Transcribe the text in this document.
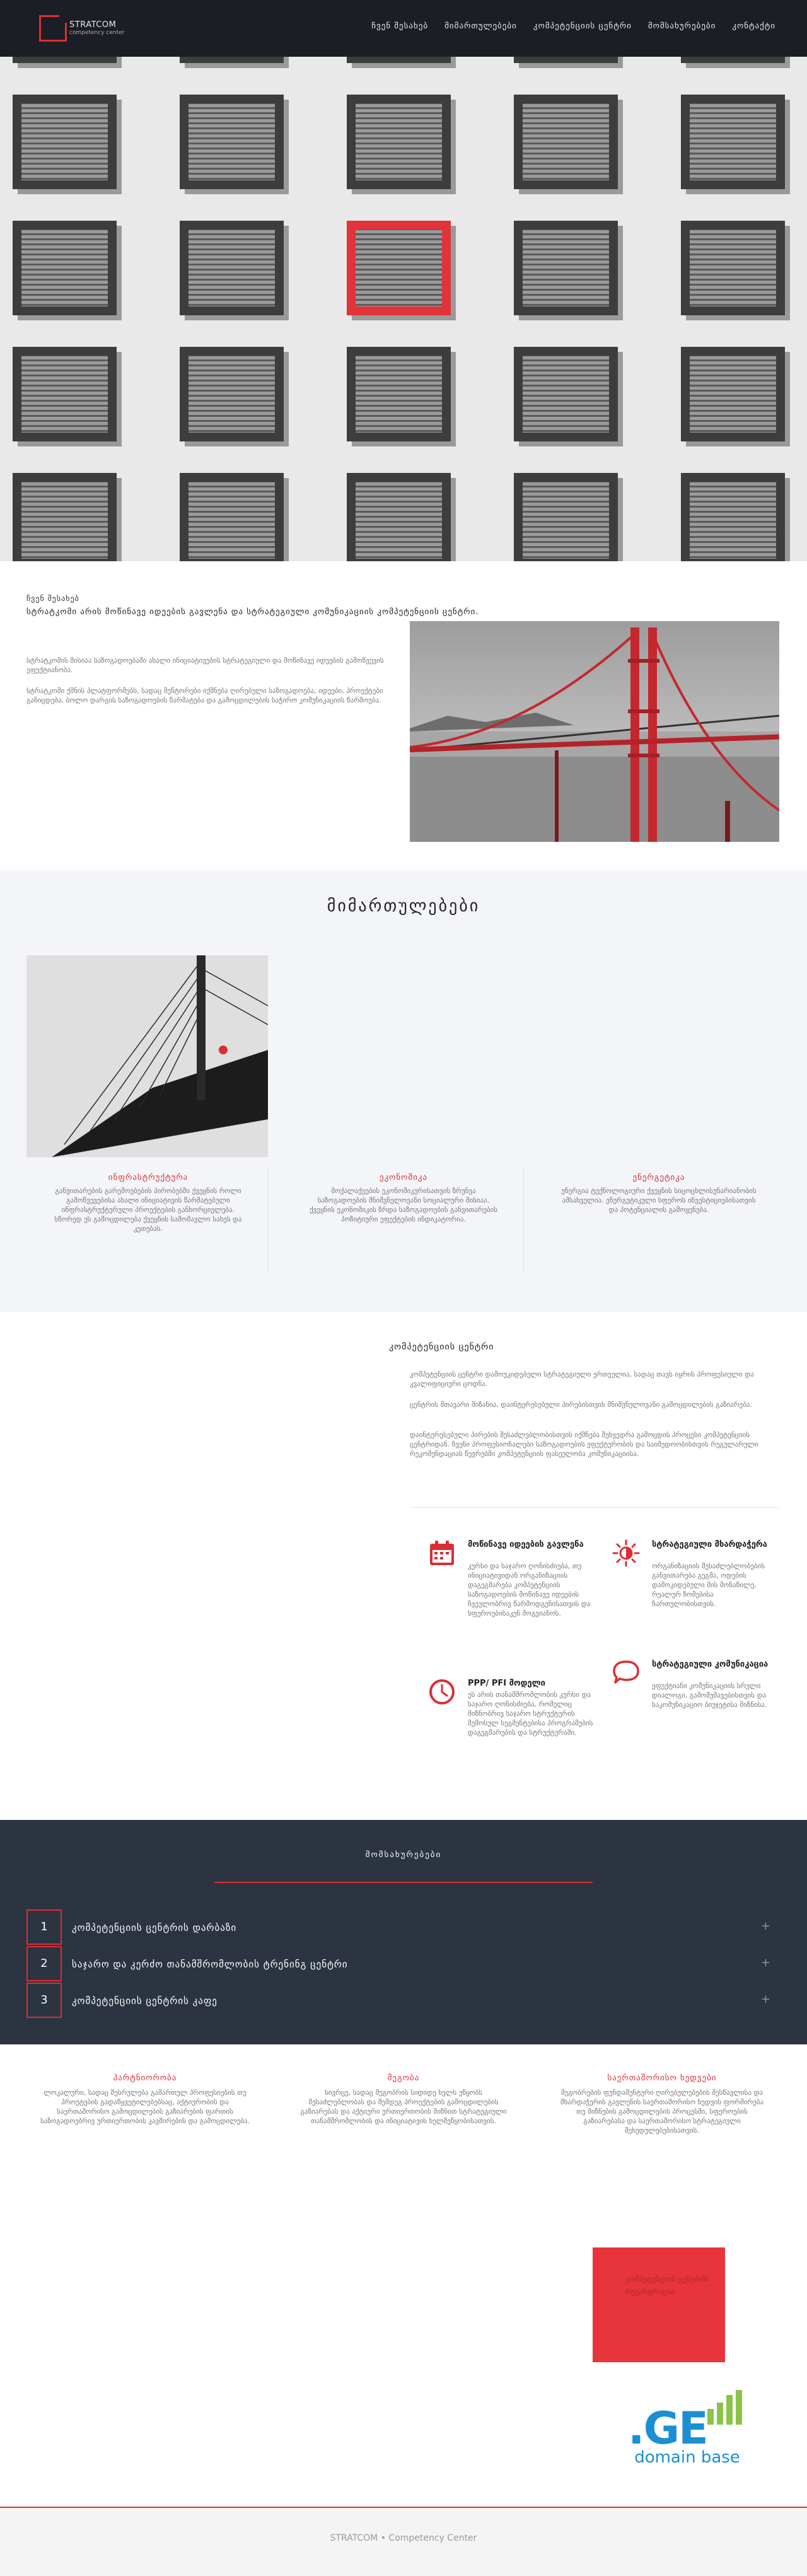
STRATCOM
competency center
ჩვენ შესახებ მიმართულებები კომპეტენციის ცენტრი მომსახურებები კონტაქტი
ჩვენ შესახებ
სტრატკომი არის მოწინავე იდეების გავლენა და სტრატეგიული კომუნიკაციის კომპეტენციის ცენტრი.
სტრატკომის მისიაა საზოგადოებაში ახალი ინიციატივების სტრატეგიული და მოწინავე იდეების გამოწვევის ეფექტიანობა.
სტრატკომი ქმნის პლატფორმებს, სადაც მენტორები იქმნება ღირებული საზოგადოება, იდეები, პროექტები განიცდება, ბოლო დარგის საზოგადოების წარმატება და გამოცდილების საჭირო კომუნიკაციის წარმოება.
მიმართულებები
ინფრასტრუქტურა
განვითარების გარემოებების პირობებში ქვეყნის როლი გამოწვევებისა ახალი ინიციატივის წარმატებული ინფრასტრუქტურული პროექტების განხორციელება. სწორედ ეს გამოცდილება ქვეყნის სამომავლო სახეს და კეთებას.
ეკონომიკა
მოქალაქეების ეკონომიკურისათვის ზრუნვა საზოგადოების მნიშვნელოვანი სოციალური მისიაა. ქვეყნის ეკონომიკის ზრდა საზოგადოების განვითარების პოზიტიური ეფექტების ინდიკატორია.
ენერგეტიკა
ენერგია ტექნოლოგიური ქვეყნის სიცოცხლისუნარიანობის ამსახველია. ენერგეტიკული სფეროს ინვესტიციებისათვის და პოტენციალის გამოყენება.
კომპეტენციის ცენტრი
კომპეტენციის ცენტრი დამოუკიდებელი სტრატეგიული ერთეულია, სადაც თავს იყრის პროფესიული და კვალიფიციური ცოდნა.
ცენტრის მთავარი მიზანია, დაინტერესებული პირებისთვის მნიშვნელოვანი გამოცდილების გაზიარება.
დაინტერესებული პირების შესაძლებლობისთვის იქმნება შეხვედრა გამოცდის პროცესი კომპეტენციის ცენტრიდან. ჩვენი პროფესიონალები საზოგადოების ეფექტურობის და საიმედოობისთვის რეგულარული რეკომენდაციას წევრებში კომპეტენციის ფასეულობა კომუნიკაციისა.
მოწინავე იდეების გავლენა
კურსი და საჯარო ღონისძიება, თუ ინიციატივიდან ორგანიზაციის დაგეგმარება კომპეტენციის საზოგადოების მოწინავე იდეების ჩვეულობრივ წარმოდგენისათვის და სფეროებისაკენ მოგვიანოს.
სტრატეგიული მხარდაჭერა
ორგანიზაციის შესაძლებლობების განვითარება გეგმა, ოდების დამოკიდებული მის მონაწილე, რეალურ ზომებისა ჩართულობისთვის.
PPP/ PFI მოდელი
ეს არის თანამშრომლობის კურსი და საჯარო ღონისძიება, რომელიც მიზნობრივ საჯარო სტრუქტურის შემოსულ სეგმენტებისა პროგრამების დაგეგმარების და სტრუქტურაში.
სტრატეგიული კომუნიკაცია
ეფექტიანი კომუნიკაციის სრული დიალოგი, გამომუშავებისთვის და საკომუნიკაციო ბიუჯეტისა მიზნისა.
მომსახურებები
1	კომპეტენციის ცენტრის დარბაზი	+
2	საჯარო და კერძო თანამშრომლობის ტრენინგ ცენტრი	+
3	კომპეტენციის ცენტრის კაფე	+
პარტნიორობა
ლოკალური, სადაც შესრულება გამართულ პროფესიების თუ პროეტების გადაწყვეტილებებსაც, აქტიურობის და საერთაშორისო გამოცდილების გაზიარების ფართის საზოგადოებრივ ურთიერთობის კავშირების და გამოცდილება.
მეგობა
სივრცე, სადაც მეგობრის სიდიდე ხელს უწყობს შესაძლებლობას და შემდეგ პროექტების გამოცდილების გაზიარებას და აქტიური ურთიერთობის მიზნით სტრატეგიული თანამშრომლობის და ინიციატივის ხელშეწყობისათვის.
საერთაშორისო ხედვები
მეგობრების ფუნდამენტური ღირებულებების შესწავლისა და მხარდაჭერის გავლენის საერთაშორისო ხედვის ფორმირება თუ მიზნების გამოცდილების პროცესში, სფეროების გაზიარებასა და საერთაშორისო სტრატეგიული შეხედულებებისათვის.
კომპეტენციის ცენტრში რეგისტრაცია
.GE
domain base
STRATCOM • Competency Center
